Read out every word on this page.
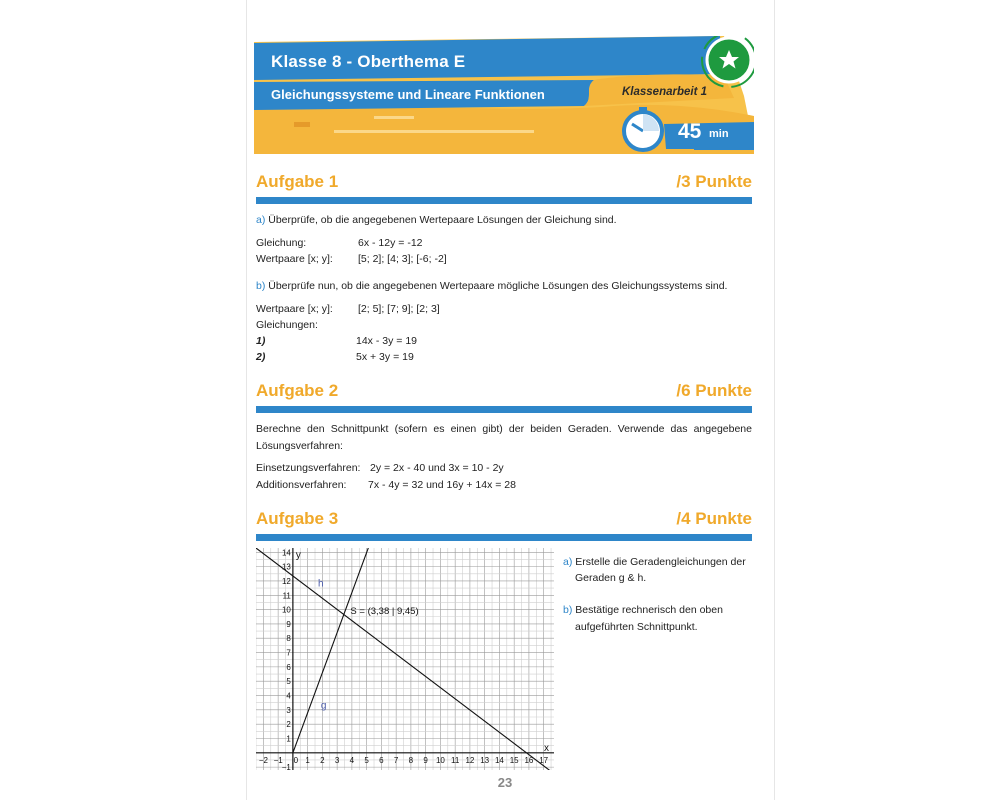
Klasse 8 - Oberthema E
Gleichungssysteme und Lineare Funktionen	Klassenarbeit 1
45 min
Aufgabe 1	/3 Punkte
a) Überprüfe, ob die angegebenen Wertepaare Lösungen der Gleichung sind.
Gleichung:	6x - 12y = -12
Wertpaare [x; y]: [5; 2]; [4; 3]; [-6; -2]
b) Überprüfe nun, ob die angegebenen Wertepaare mögliche Lösungen des Gleichungssystems sind.
Wertpaare [x; y]: [2; 5]; [7; 9]; [2; 3]
Gleichungen:
1)	14x - 3y = 19
2)	5x + 3y = 19
Aufgabe 2	/6 Punkte
Berechne den Schnittpunkt (sofern es einen gibt) der beiden Geraden. Verwende das angegebene Lösungsverfahren:
Einsetzungsverfahren: 2y = 2x - 40 und 3x = 10 - 2y
Additionsverfahren: 7x - 4y = 32 und 16y + 14x = 28
Aufgabe 3	/4 Punkte
−2 −1 0 1 2 3 4 5 6 7 8 9 10 11 12 13 14 15 16 17
−1
1
2
3
4
5
6
7
8
9
10
11
12
13
14
x
y
g
h
S = (3,38 | 9,45)
a) Erstelle die Geradengleichungen der
Geraden g & h.
b) Bestätige rechnerisch den oben
aufgeführten Schnittpunkt.
23
